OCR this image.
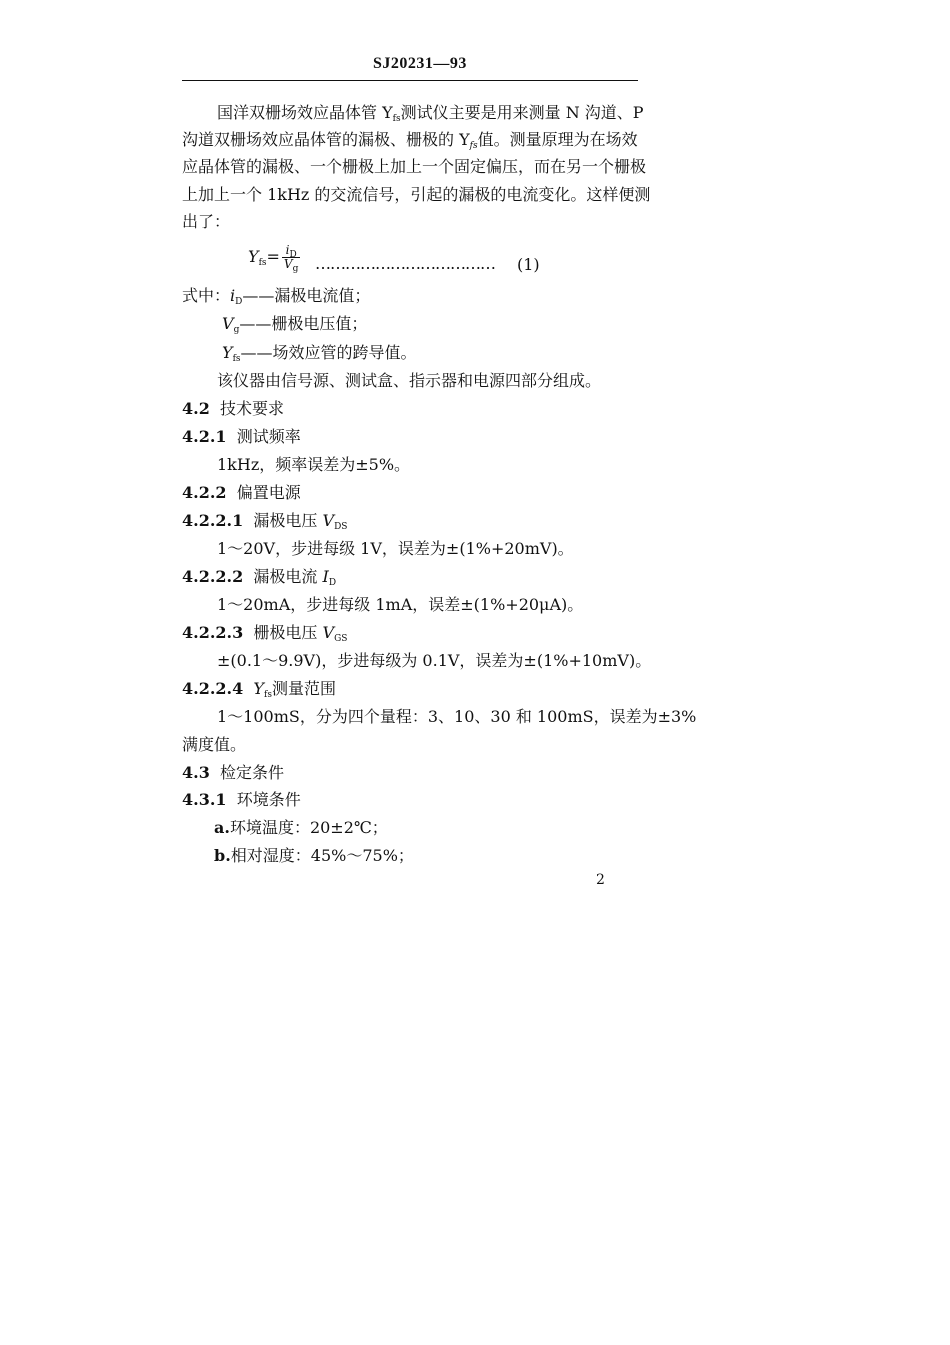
SJ20231—93
国洋双栅场效应晶体管 $Y_{fs}$测试仪主要是用来测量 N 沟道、P
沟道双栅场效应晶体管的漏极、栅极的 $Y_{fs}$值。测量原理为在场效
应晶体管的漏极、一个栅极上加上一个固定偏压，而在另一个栅极
上加上一个 1kHz 的交流信号，引起的漏极的电流变化。这样便测
出了：
$Y_{fs}= \frac{i_D}{V_g}$ ……………………………… (1)
式中：$i_D——$漏极电流值；
$V_g——$栅极电压值；
$Y_{fs}——$场效应管的跨导值。
该仪器由信号源、测试盒、指示器和电源四部分组成。
4.2 技术要求
4.2.1 测试频率
1kHz，频率误差为±5%。
4.2.2 偏置电源
4.2.2.1 漏极电压 $V_{DS}$
1～20V，步进每级 1V，误差为±(1%+20mV)。
4.2.2.2 漏极电流 $I_D$
1～20mA，步进每级 1mA，误差±(1%+20μA)。
4.2.2.3 栅极电压 $V_{GS}$
±(0.1～9.9V)，步进每级为 0.1V，误差为±(1%+10mV)。
4.2.2.4 $Y_{fs}$测量范围
1～100mS，分为四个量程：3、10、30 和 100mS，误差为±3%
满度值。
4.3 检定条件
4.3.1 环境条件
a.环境温度：20±2℃；
b.相对湿度：45%～75%；
2
